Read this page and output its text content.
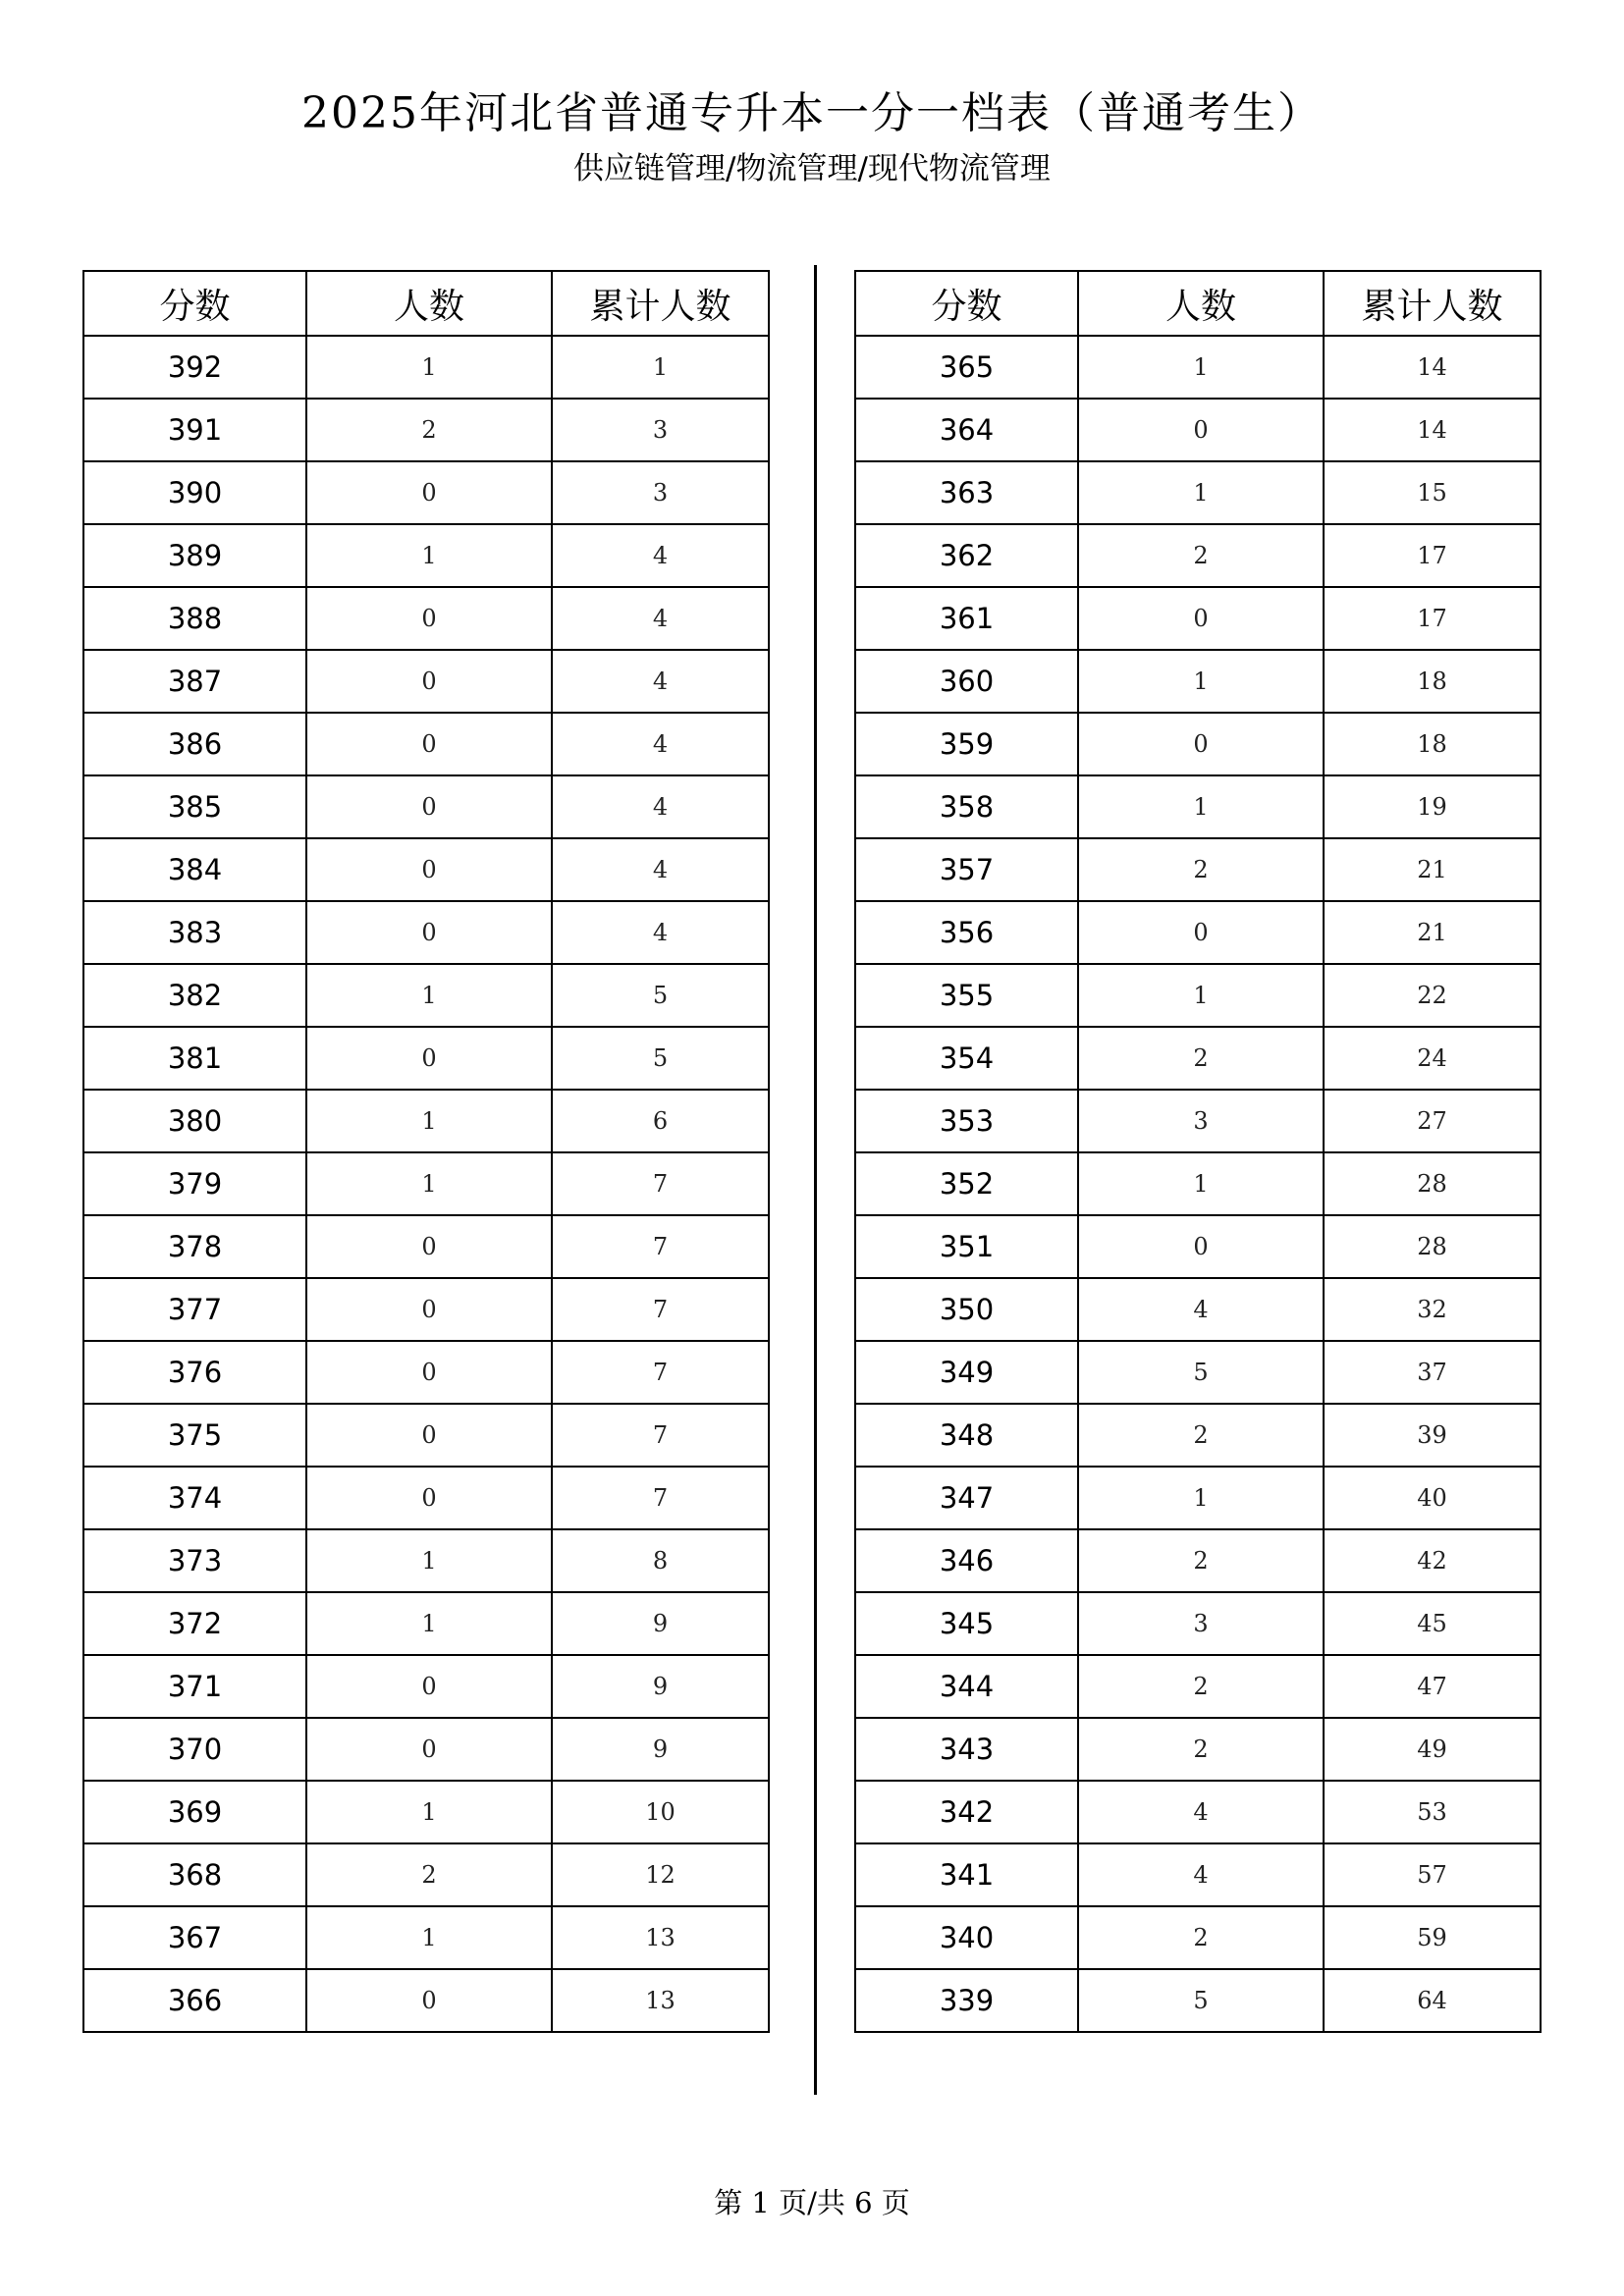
2025年河北省普通专升本一分一档表（普通考生）
供应链管理/物流管理/现代物流管理
分数	人数	累计人数
392	1	1
391	2	3
390	0	3
389	1	4
388	0	4
387	0	4
386	0	4
385	0	4
384	0	4
383	0	4
382	1	5
381	0	5
380	1	6
379	1	7
378	0	7
377	0	7
376	0	7
375	0	7
374	0	7
373	1	8
372	1	9
371	0	9
370	0	9
369	1	10
368	2	12
367	1	13
366	0	13
分数	人数	累计人数
365	1	14
364	0	14
363	1	15
362	2	17
361	0	17
360	1	18
359	0	18
358	1	19
357	2	21
356	0	21
355	1	22
354	2	24
353	3	27
352	1	28
351	0	28
350	4	32
349	5	37
348	2	39
347	1	40
346	2	42
345	3	45
344	2	47
343	2	49
342	4	53
341	4	57
340	2	59
339	5	64
第 1 页/共 6 页
